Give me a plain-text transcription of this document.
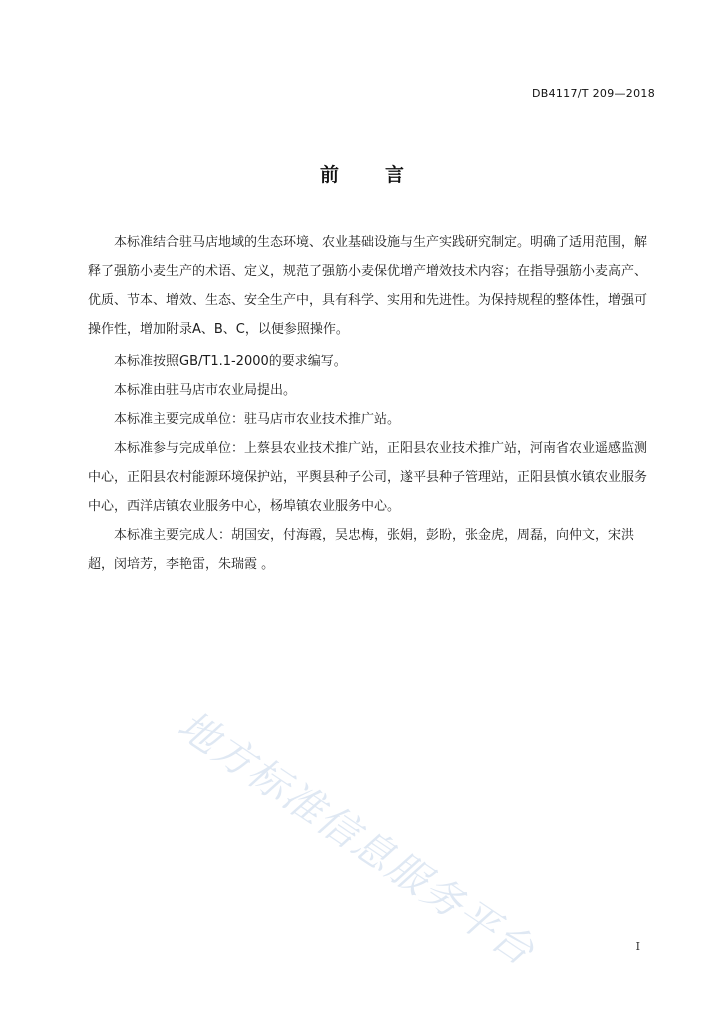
DB4117/T 209—2018
前 言

本标准结合驻马店地域的生态环境、农业基础设施与生产实践研究制定。明确了适用范围，解释了强筋小麦生产的术语、定义，规范了强筋小麦保优增产增效技术内容；在指导强筋小麦高产、优质、节本、增效、生态、安全生产中，具有科学、实用和先进性。为保持规程的整体性，增强可操作性，增加附录A、B、C，以便参照操作。

本标准按照GB/T1.1-2000的要求编写。

本标准由驻马店市农业局提出。

本标准主要完成单位：驻马店市农业技术推广站。

本标准参与完成单位：上蔡县农业技术推广站，正阳县农业技术推广站，河南省农业遥感监测中心，正阳县农村能源环境保护站，平舆县种子公司，遂平县种子管理站，正阳县慎水镇农业服务中心，西洋店镇农业服务中心，杨埠镇农业服务中心。

本标准主要完成人：胡国安，付海霞，吴忠梅，张娟，彭盼，张金虎，周磊，向仲文，宋洪超，闵培芳，李艳雷，朱瑞霞 。

地方标准信息服务平台	I
